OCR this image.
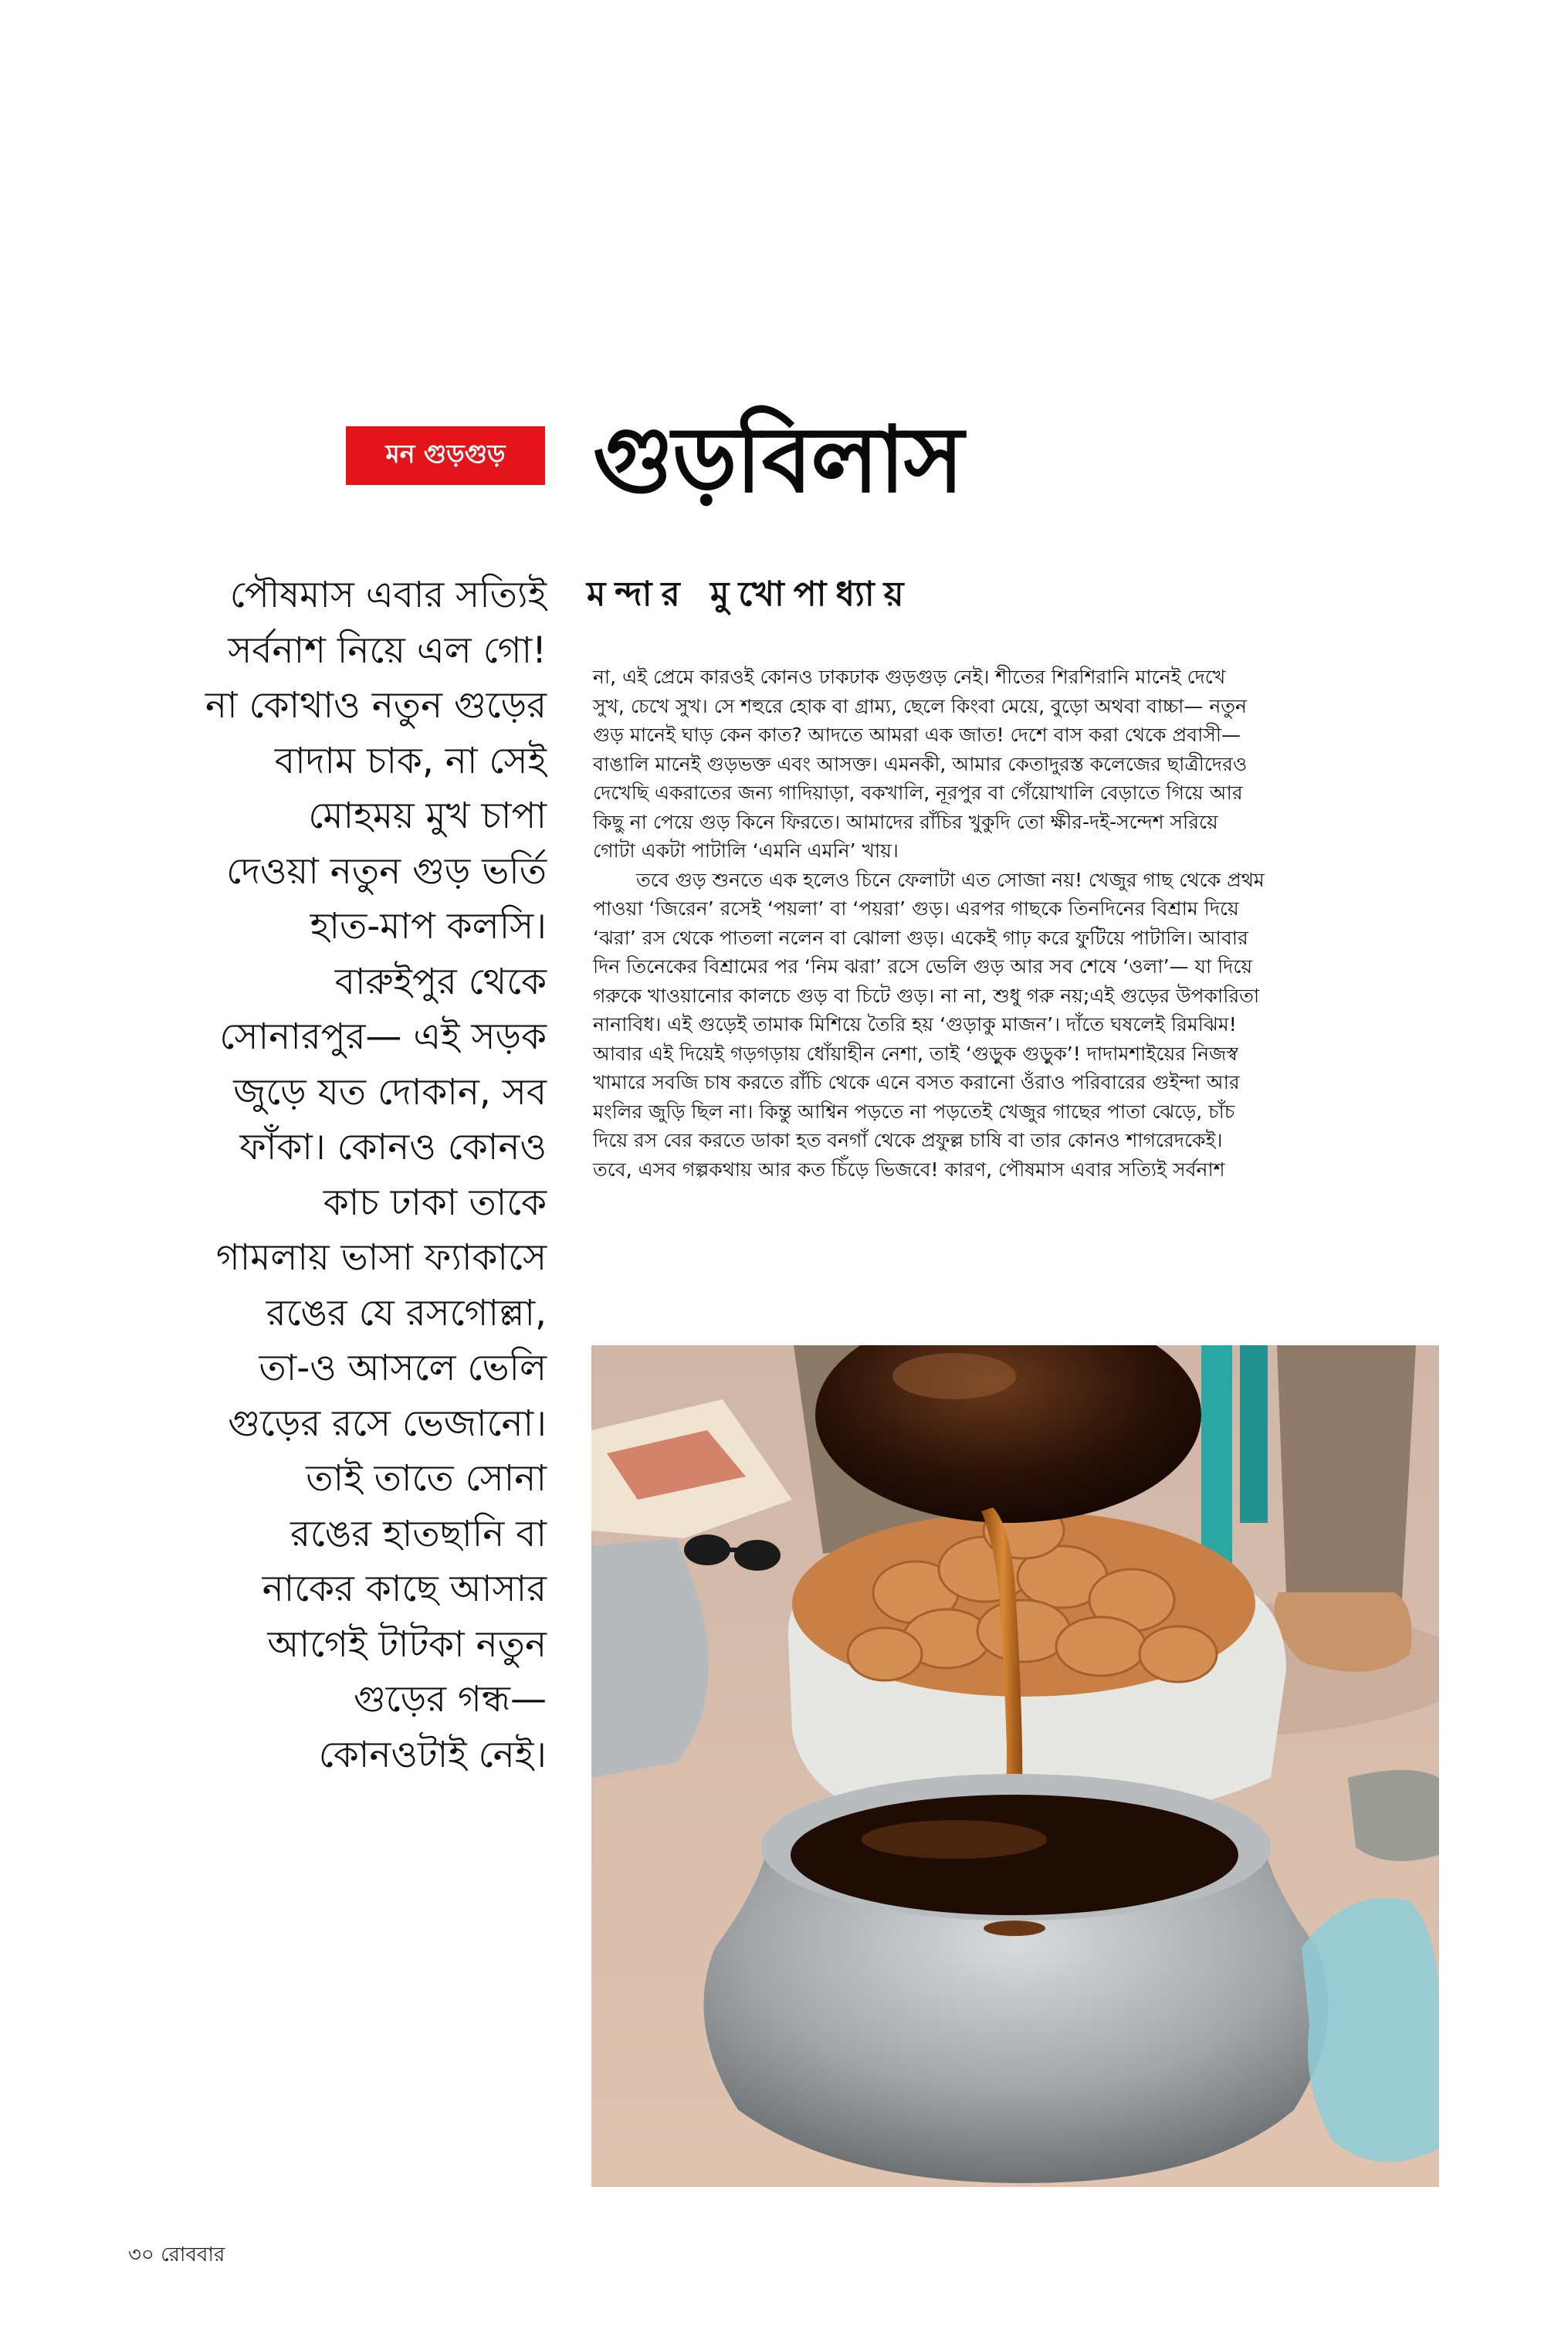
মন গুড়গুড় গুড়বিলাস
মন্দার মুখোপাধ্যায়
পৌষমাস এবার সত্যিই
সর্বনাশ নিয়ে এল গো!
না কোথাও নতুন গুড়ের
বাদাম চাক, না সেই
মোহময় মুখ চাপা
দেওয়া নতুন গুড় ভর্তি
হাত-মাপ কলসি।
বারুইপুর থেকে
সোনারপুর— এই সড়ক
জুড়ে যত দোকান, সব
ফাঁকা। কোনও কোনও
কাচ ঢাকা তাকে
গামলায় ভাসা ফ্যাকাসে
রঙের যে রসগোল্লা,
তা-ও আসলে ভেলি
গুড়ের রসে ভেজানো।
তাই তাতে সোনা
রঙের হাতছানি বা
নাকের কাছে আসার
আগেই টাটকা নতুন
গুড়ের গন্ধ—
কোনওটাই নেই।
না, এই প্রেমে কারওই কোনও ঢাকঢাক গুড়গুড় নেই। শীতের শিরশিরানি মানেই দেখে
সুখ, চেখে সুখ। সে শহুরে হোক বা গ্রাম্য, ছেলে কিংবা মেয়ে, বুড়ো অথবা বাচ্চা— নতুন
গুড় মানেই ঘাড় কেন কাত? আদতে আমরা এক জাত! দেশে বাস করা থেকে প্রবাসী—
বাঙালি মানেই গুড়ভক্ত এবং আসক্ত। এমনকী, আমার কেতাদুরস্ত কলেজের ছাত্রীদেরও
দেখেছি একরাতের জন্য গাদিয়াড়া, বকখালি, নূরপুর বা গেঁয়োখালি বেড়াতে গিয়ে আর
কিছু না পেয়ে গুড় কিনে ফিরতে। আমাদের রাঁচির খুকুদি তো ক্ষীর-দই-সন্দেশ সরিয়ে
গোটা একটা পাটালি ‘এমনি এমনি’ খায়।
তবে গুড় শুনতে এক হলেও চিনে ফেলাটা এত সোজা নয়! খেজুর গাছ থেকে প্রথম
পাওয়া ‘জিরেন’ রসেই ‘পয়লা’ বা ‘পয়রা’ গুড়। এরপর গাছকে তিনদিনের বিশ্রাম দিয়ে
‘ঝরা’ রস থেকে পাতলা নলেন বা ঝোলা গুড়। একেই গাঢ় করে ফুটিয়ে পাটালি। আবার
দিন তিনেকের বিশ্রামের পর ‘নিম ঝরা’ রসে ভেলি গুড় আর সব শেষে ‘ওলা’— যা দিয়ে
গরুকে খাওয়ানোর কালচে গুড় বা চিটে গুড়। না না, শুধু গরু নয়;এই গুড়ের উপকারিতা
নানাবিধ। এই গুড়েই তামাক মিশিয়ে তৈরি হয় ‘গুড়াকু মাজন’। দাঁতে ঘষলেই রিমঝিম!
আবার এই দিয়েই গড়গড়ায় ধোঁয়াহীন নেশা, তাই ‘গুড়ুক গুড়ুক’! দাদামশাইয়ের নিজস্ব
খামারে সবজি চাষ করতে রাঁচি থেকে এনে বসত করানো ওঁরাও পরিবারের গুইন্দা আর
মংলির জুড়ি ছিল না। কিন্তু আশ্বিন পড়তে না পড়তেই খেজুর গাছের পাতা ঝেড়ে, চাঁচ
দিয়ে রস বের করতে ডাকা হত বনগাঁ থেকে প্রফুল্ল চাষি বা তার কোনও শাগরেদকেই।
তবে, এসব গল্পকথায় আর কত চিঁড়ে ভিজবে! কারণ, পৌষমাস এবার সত্যিই সর্বনাশ
৩০ রোববার
